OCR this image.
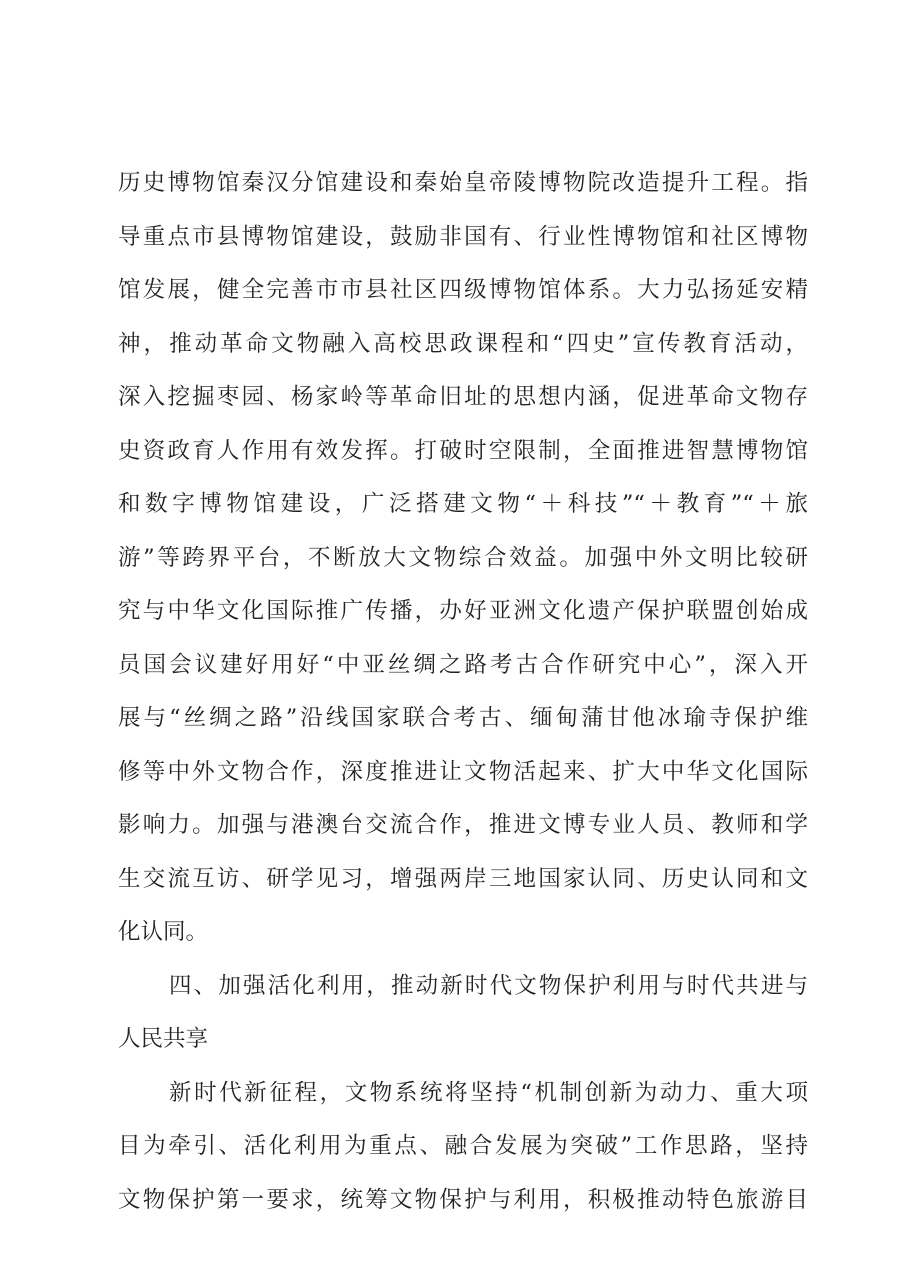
历史博物馆秦汉分馆建设和秦始皇帝陵博物院改造提升工程。指
导重点市县博物馆建设，鼓励非国有、行业性博物馆和社区博物
馆发展，健全完善市市县社区四级博物馆体系。大力弘扬延安精
神，推动革命文物融入高校思政课程和“四史”宣传教育活动，
深入挖掘枣园、杨家岭等革命旧址的思想内涵，促进革命文物存
史资政育人作用有效发挥。打破时空限制，全面推进智慧博物馆
和数字博物馆建设，广泛搭建文物“＋科技”“＋教育”“＋旅
游”等跨界平台，不断放大文物综合效益。加强中外文明比较研
究与中华文化国际推广传播，办好亚洲文化遗产保护联盟创始成
员国会议建好用好“中亚丝绸之路考古合作研究中心”，深入开
展与“丝绸之路”沿线国家联合考古、缅甸蒲甘他冰瑜寺保护维
修等中外文物合作，深度推进让文物活起来、扩大中华文化国际
影响力。加强与港澳台交流合作，推进文博专业人员、教师和学
生交流互访、研学见习，增强两岸三地国家认同、历史认同和文
化认同。
四、加强活化利用，推动新时代文物保护利用与时代共进与
人民共享
新时代新征程，文物系统将坚持“机制创新为动力、重大项
目为牵引、活化利用为重点、融合发展为突破”工作思路，坚持
文物保护第一要求，统筹文物保护与利用，积极推动特色旅游目
